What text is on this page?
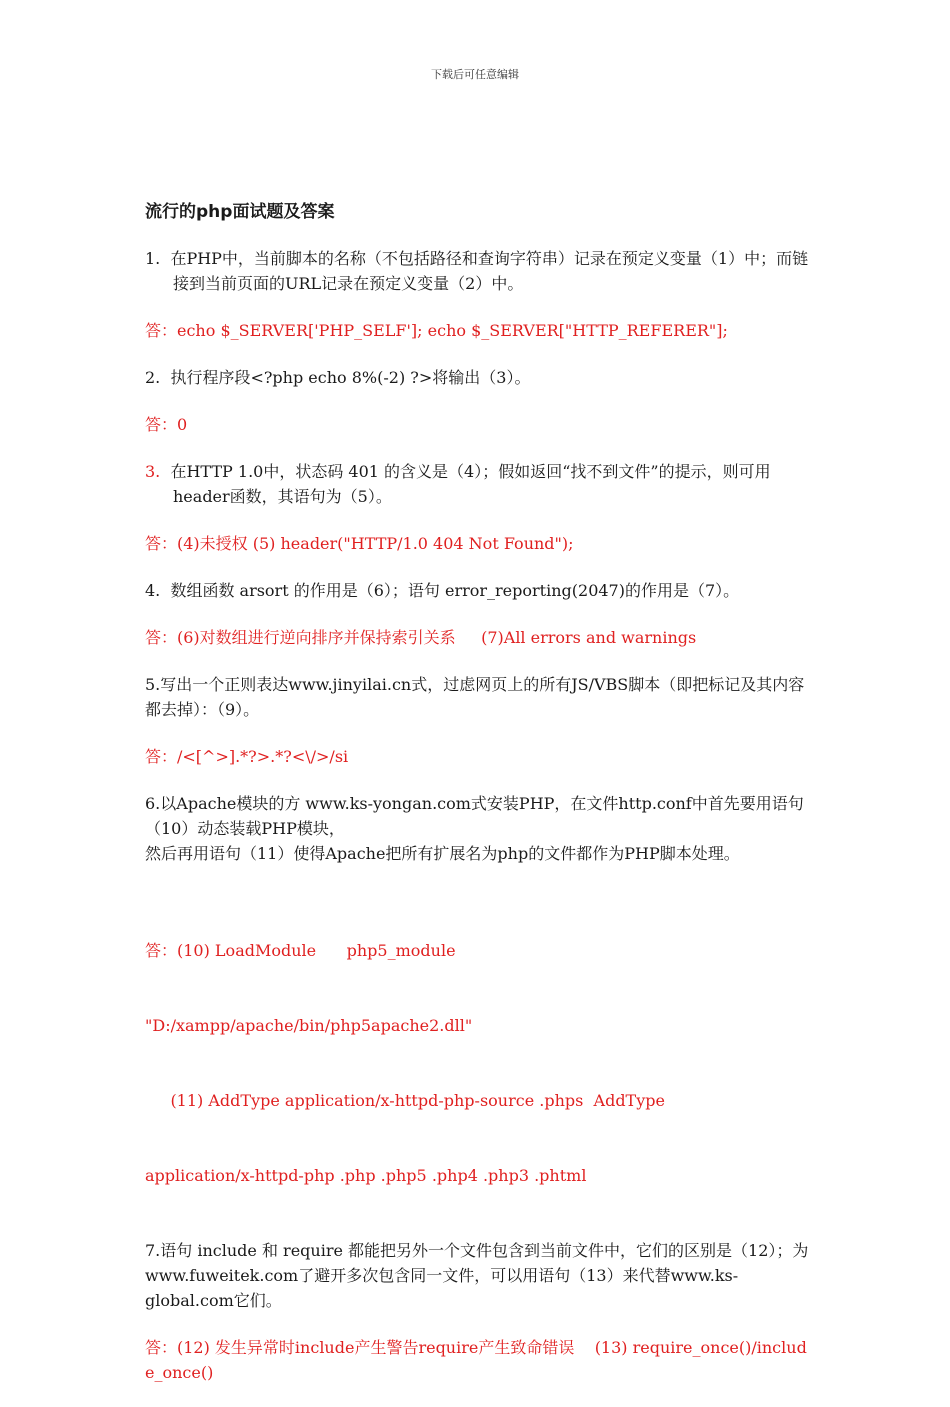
下载后可任意编辑
流行的php面试题及答案
1. 在PHP中，当前脚本的名称（不包括路径和查询字符串）记录在预定义变量（1）中；而链接到当前页面的URL记录在预定义变量（2）中。
答：echo $_SERVER['PHP_SELF']; echo $_SERVER["HTTP_REFERER"];
2. 执行程序段<?php echo 8%(-2) ?>将输出（3）。
答：0
3. 在HTTP 1.0中，状态码 401 的含义是（4）；假如返回“找不到文件”的提示，则可用 header函数，其语句为（5）。
答：(4)未授权 (5) header("HTTP/1.0 404 Not Found");
4. 数组函数 arsort 的作用是（6）；语句 error_reporting(2047)的作用是（7）。
答：(6)对数组进行逆向排序并保持索引关系     (7)All errors and warnings
5.写出一个正则表达www.jinyilai.cn式，过虑网页上的所有JS/VBS脚本（即把标记及其内容都去掉）：（9）。
答：/<[^>].*?>.*?<\/>/si
6.以Apache模块的方 www.ks-yongan.com式安装PHP，在文件http.conf中首先要用语句（10）动态装载PHP模块，
然后再用语句（11）使得Apache把所有扩展名为php的文件都作为PHP脚本处理。

答：(10) LoadModule      php5_module

"D:/xampp/apache/bin/php5apache2.dll"

(11) AddType application/x-httpd-php-source .phps  AddType

application/x-httpd-php .php .php5 .php4 .php3 .phtml

7.语句 include 和 require 都能把另外一个文件包含到当前文件中，它们的区别是（12）；为www.fuweitek.com了避开多次包含同一文件，可以用语句（13）来代替www.ks-global.com它们。
答：(12) 发生异常时include产生警告require产生致命错误    (13) require_once()/include_once()
